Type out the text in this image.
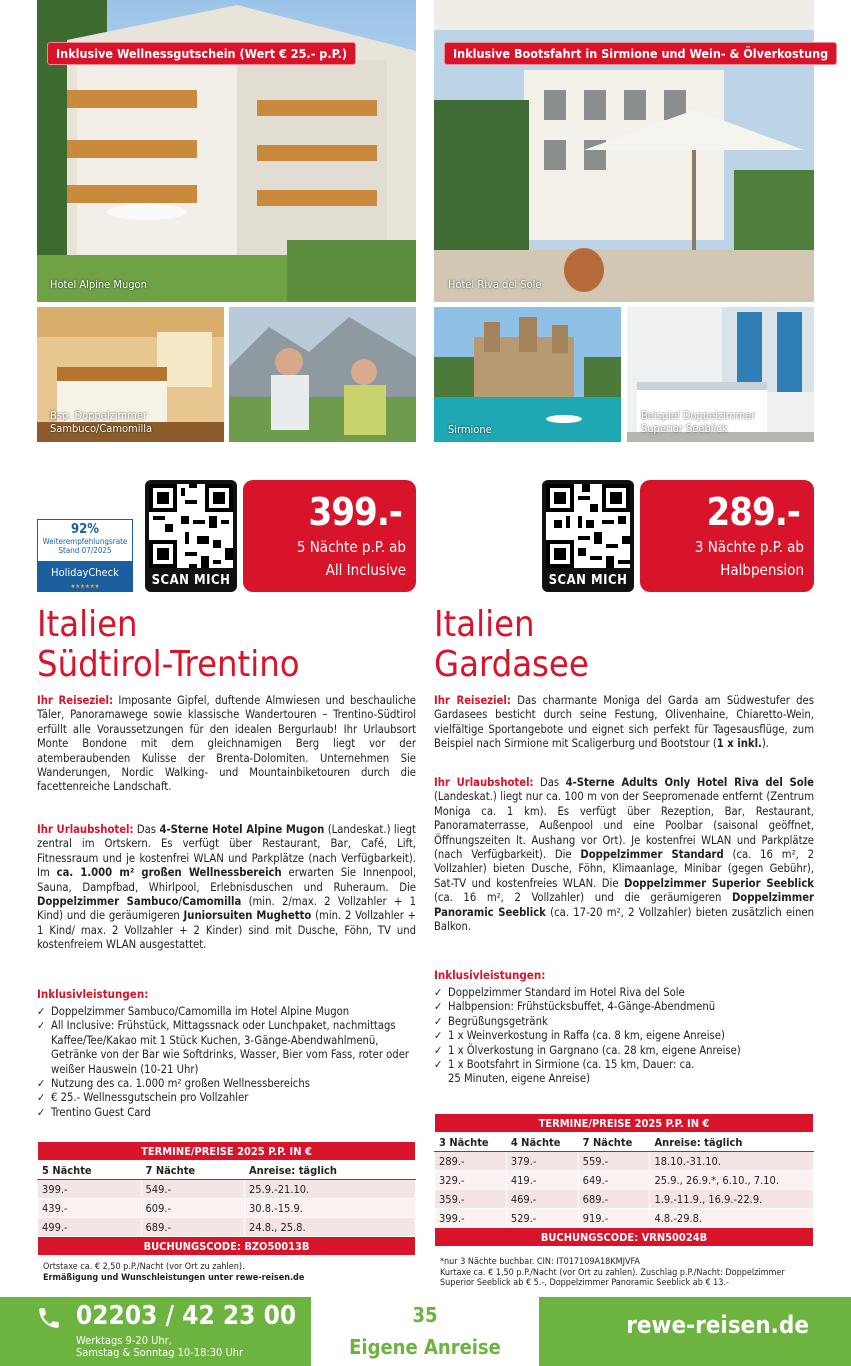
Inklusive Wellnessgutschein (Wert € 25.- p.P.)
Hotel Alpine Mugon
Bsp. Doppelzimmer
Sambuco/Camomilla
Inklusive Bootsfahrt in Sirmione und Wein- & Ölverkostung
Hotel Riva del Sole
Sirmione
Beispiel Doppelzimmer
Superior Seeblick
92%
Weiterempfehlungsrate
Stand 07/2025
HolidayCheck
★★★★★★	SCAN MICH
399.-
5 Nächte p.P. ab
All Inclusive
SCAN MICH
289.-
3 Nächte p.P. ab
Halbpension
Italien
Südtirol-Trentino
Ihr Reiseziel: Imposante Gipfel, duftende Almwiesen und beschauliche Täler, Panoramawege sowie klassische Wandertouren – Trentino-Südtirol erfüllt alle Voraussetzungen für den idealen Bergurlaub! Ihr Urlaubsort Monte Bondone mit dem gleichnamigen Berg liegt vor der atemberaubenden Kulisse der Brenta-Dolomiten. Unternehmen Sie Wanderungen, Nordic Walking- und Mountainbiketouren durch die facettenreiche Landschaft.
Ihr Urlaubshotel: Das 4-Sterne Hotel Alpine Mugon (Landeskat.) liegt zentral im Ortskern. Es verfügt über Restaurant, Bar, Café, Lift, Fitnessraum und je kostenfrei WLAN und Parkplätze (nach Verfügbarkeit). Im ca. 1.000 m² großen Wellnessbereich erwarten Sie Innenpool, Sauna, Dampfbad, Whirlpool, Erlebnisduschen und Ruheraum. Die Doppelzimmer Sambuco/Camomilla (min. 2/max. 2 Vollzahler + 1 Kind) und die geräumigeren Juniorsuiten Mughetto (min. 2 Vollzahler + 1 Kind/ max. 2 Vollzahler + 2 Kinder) sind mit Dusche, Föhn, TV und kostenfreiem WLAN ausgestattet.
Inklusivleistungen:
✓ Doppelzimmer Sambuco/Camomilla im Hotel Alpine Mugon
✓ All Inclusive: Frühstück, Mittagssnack oder Lunchpaket, nachmittags Kaffee/Tee/Kakao mit 1 Stück Kuchen, 3-Gänge-Abendwahlmenü, Getränke von der Bar wie Softdrinks, Wasser, Bier vom Fass, roter oder weißer Hauswein (10-21 Uhr)
✓ Nutzung des ca. 1.000 m² großen Wellnessbereichs
✓ € 25.- Wellnessgutschein pro Vollzahler
✓ Trentino Guest Card
TERMINE/PREISE 2025 P.P. IN €		
5 Nächte	7 Nächte	Anreise: täglich
399.-	549.-	25.9.-21.10.
439.-	609.-	30.8.-15.9.
499.-	689.-	24.8., 25.8.
BUCHUNGSCODE: BZO50013B		
Ortstaxe ca. € 2,50 p.P./Nacht (vor Ort zu zahlen).
Ermäßigung und Wunschleistungen unter rewe-reisen.de
Italien
Gardasee
Ihr Reiseziel: Das charmante Moniga del Garda am Südwestufer des Gardasees besticht durch seine Festung, Olivenhaine, Chiaretto-Wein, vielfältige Sportangebote und eignet sich perfekt für Tagesausflüge, zum Beispiel nach Sirmione mit Scaligerburg und Bootstour (1 x inkl.).
Ihr Urlaubshotel: Das 4-Sterne Adults Only Hotel Riva del Sole (Landeskat.) liegt nur ca. 100 m von der Seepromenade entfernt (Zentrum Moniga ca. 1 km). Es verfügt über Rezeption, Bar, Restaurant, Panoramaterrasse, Außenpool und eine Poolbar (saisonal geöffnet, Öffnungszeiten lt. Aushang vor Ort). Je kostenfrei WLAN und Parkplätze (nach Verfügbarkeit). Die Doppelzimmer Standard (ca. 16 m², 2 Vollzahler) bieten Dusche, Föhn, Klimaanlage, Minibar (gegen Gebühr), Sat-TV und kostenfreies WLAN. Die Doppelzimmer Superior Seeblick (ca. 16 m², 2 Vollzahler) und die geräumigeren Doppelzimmer Panoramic Seeblick (ca. 17-20 m², 2 Vollzahler) bieten zusätzlich einen Balkon.
Inklusivleistungen:
✓ Doppelzimmer Standard im Hotel Riva del Sole
✓ Halbpension: Frühstücksbuffet, 4-Gänge-Abendmenü
✓ Begrüßungsgetränk
✓ 1 x Weinverkostung in Raffa (ca. 8 km, eigene Anreise)
✓ 1 x Ölverkostung in Gargnano (ca. 28 km, eigene Anreise)
✓ 1 x Bootsfahrt in Sirmione (ca. 15 km, Dauer: ca. 25 Minuten, eigene Anreise)
TERMINE/PREISE 2025 P.P. IN €			
3 Nächte	4 Nächte	7 Nächte	Anreise: täglich
289.-	379.-	559.-	18.10.-31.10.
329.-	419.-	649.-	25.9., 26.9.*, 6.10., 7.10.
359.-	469.-	689.-	1.9.-11.9., 16.9.-22.9.
399.-	529.-	919.-	4.8.-29.8.
BUCHUNGSCODE: VRN50024B			
*nur 3 Nächte buchbar. CIN: IT017109A18KMJVFA
Kurtaxe ca. € 1,50 p.P./Nacht (vor Ort zu zahlen). Zuschlag p.P./Nacht: Doppelzimmer
Superior Seeblick ab € 5.-, Doppelzimmer Panoramic Seeblick ab € 13.-
02203 / 42 23 00
Werktags 9-20 Uhr,
Samstag & Sonntag 10-18:30 Uhr
35
Eigene Anreise
rewe-reisen.de
